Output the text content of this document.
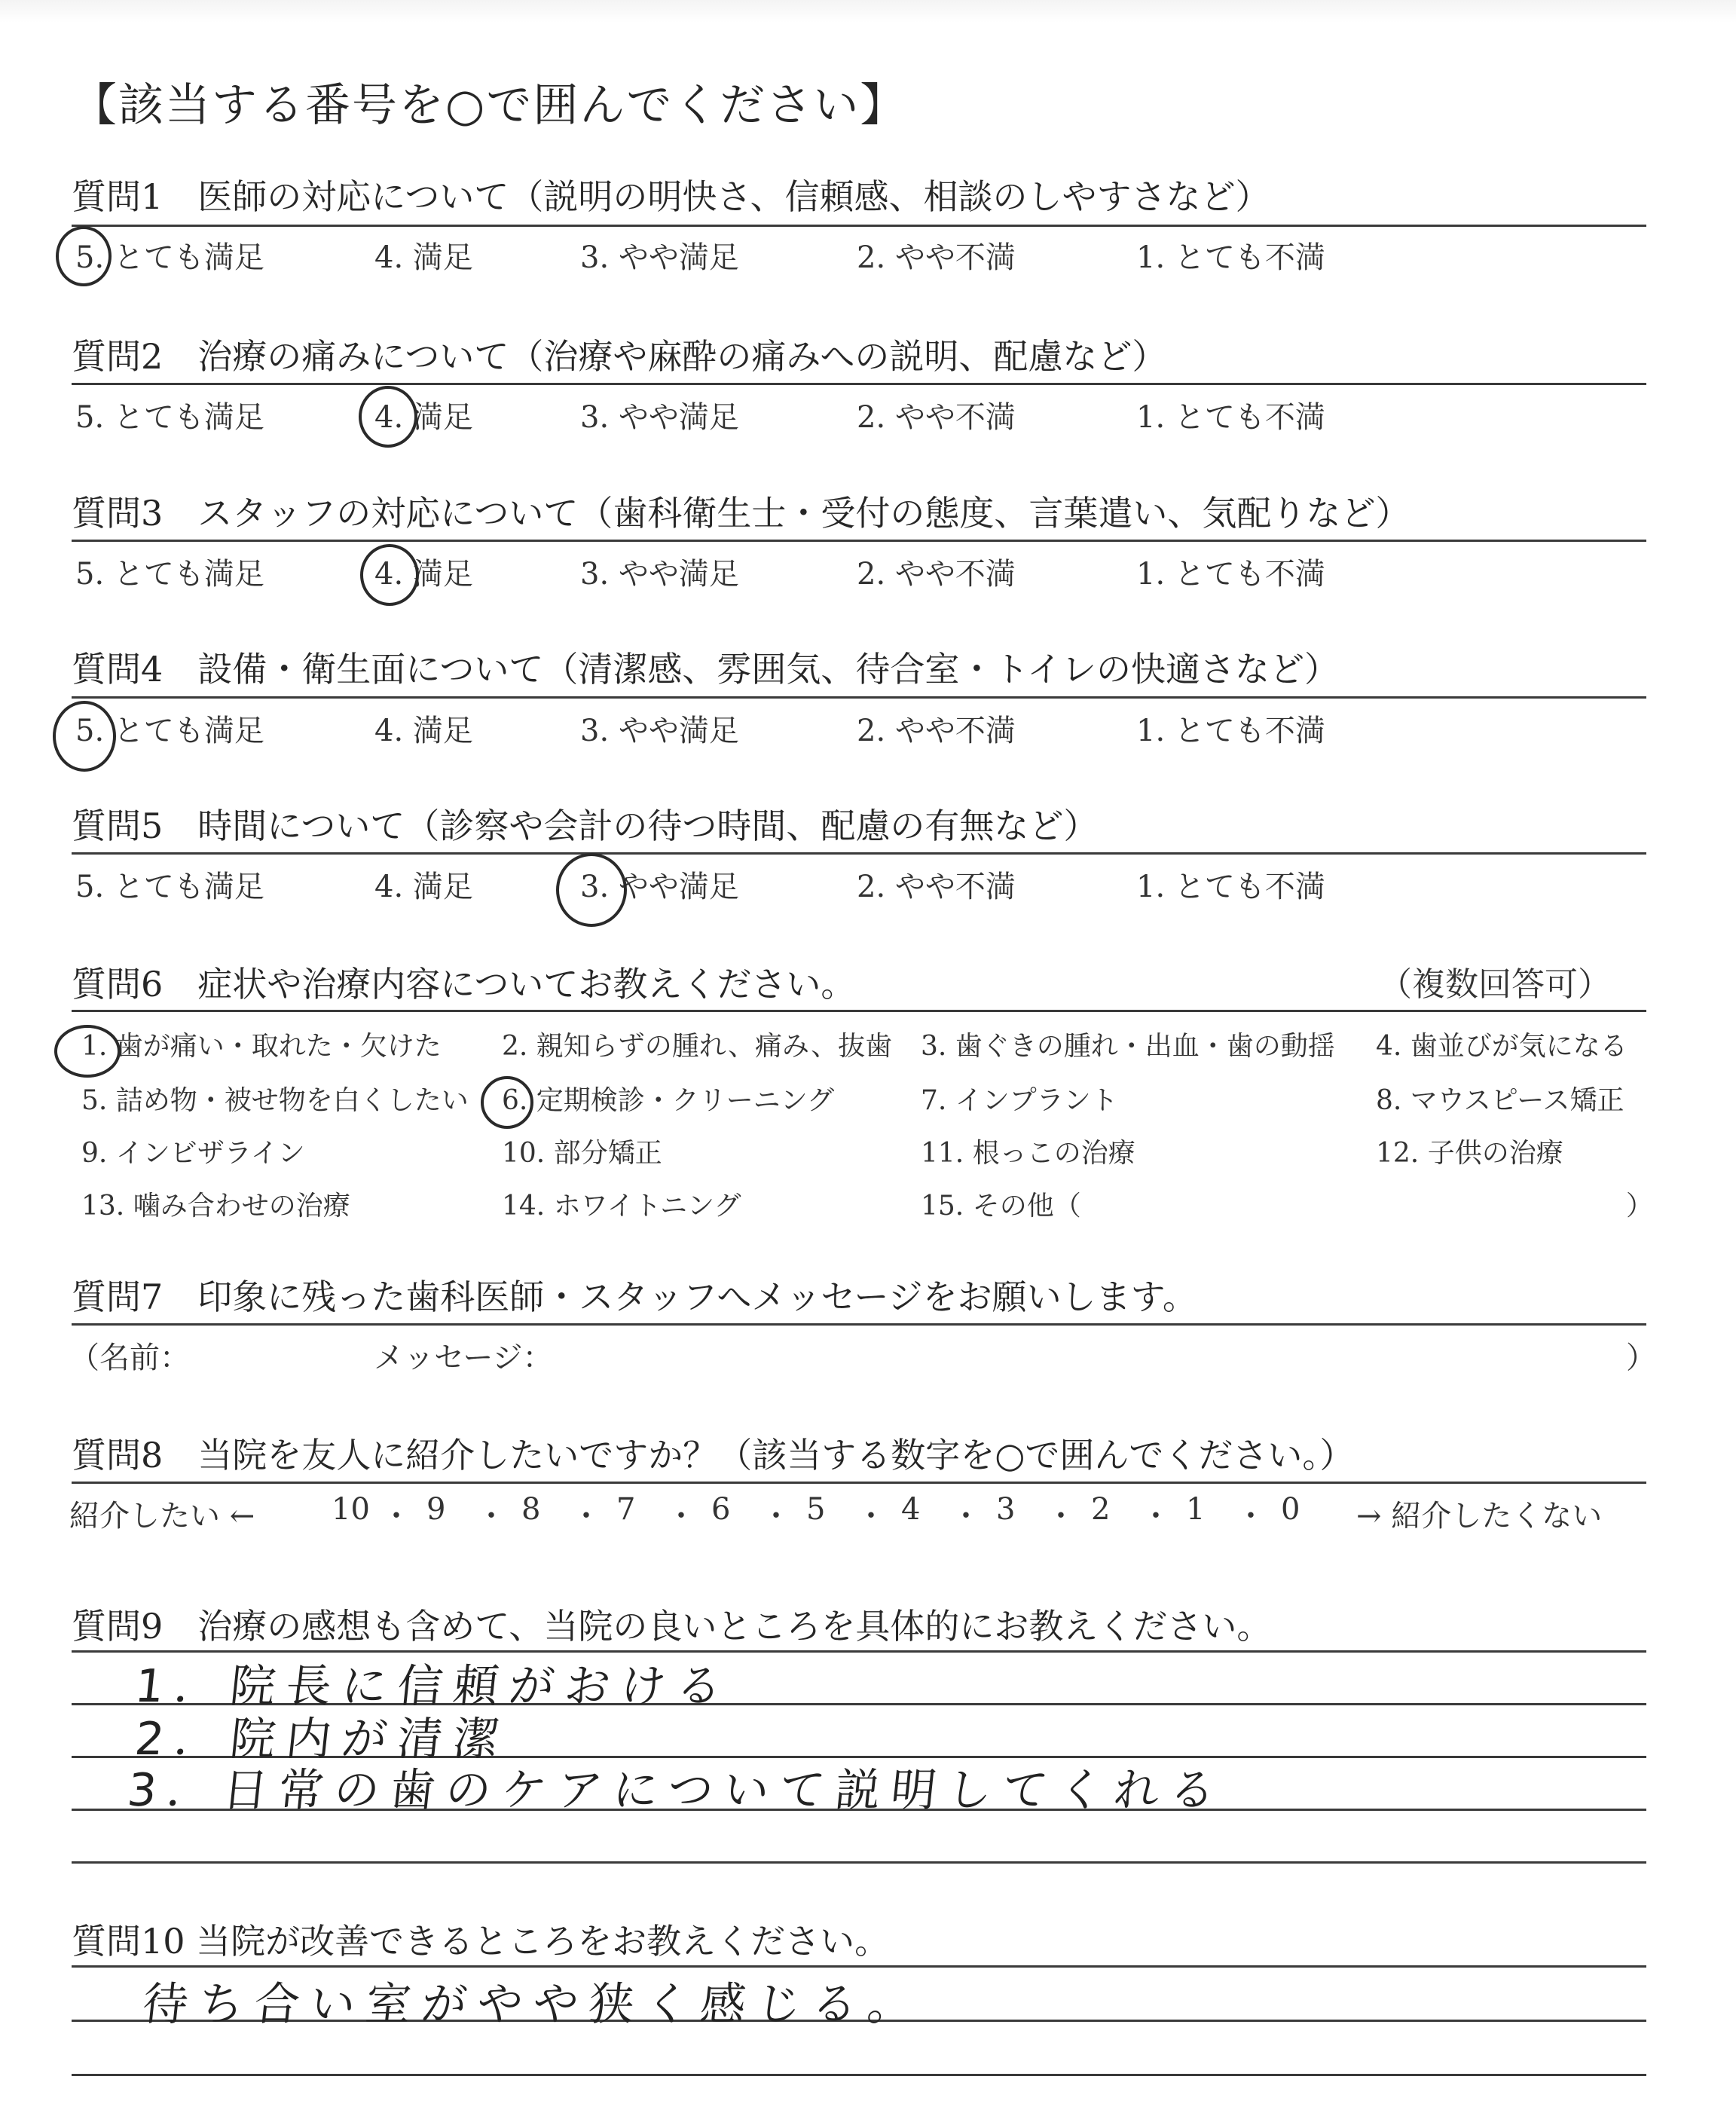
【該当する番号を○で囲んでください】
質問1　医師の対応について（説明の明快さ、信頼感、相談のしやすさなど）
5. とても満足	4. 満足	3. やや満足	2. やや不満	1. とても不満
質問2　治療の痛みについて（治療や麻酔の痛みへの説明、配慮など）
5. とても満足	4. 満足	3. やや満足	2. やや不満	1. とても不満
質問3　スタッフの対応について（歯科衛生士・受付の態度、言葉遣い、気配りなど）
5. とても満足	4. 満足	3. やや満足	2. やや不満	1. とても不満
質問4　設備・衛生面について（清潔感、雰囲気、待合室・トイレの快適さなど）
5. とても満足	4. 満足	3. やや満足	2. やや不満	1. とても不満
質問5　時間について（診察や会計の待つ時間、配慮の有無など）
5. とても満足	4. 満足	3. やや満足	2. やや不満	1. とても不満
質問6　症状や治療内容についてお教えください。	（複数回答可）
1. 歯が痛い・取れた・欠けた 2. 親知らずの腫れ、痛み、抜歯 3. 歯ぐきの腫れ・出血・歯の動揺 4. 歯並びが気になる
5. 詰め物・被せ物を白くしたい 6. 定期検診・クリーニング	7. インプラント	8. マウスピース矯正
9. インビザライン	10. 部分矯正	11. 根っこの治療	12. 子供の治療
13. 噛み合わせの治療	14. ホワイトニング	15. その他（	）
質問7　印象に残った歯科医師・スタッフへメッセージをお願いします。
（名前：	メッセージ：	）
質問8　当院を友人に紹介したいですか？（該当する数字を○で囲んでください。）
紹介したい ←	10 ・ 9 ・ 8 ・ 7 ・ 6 ・ 5 ・ 4 ・ 3 ・ 2 ・ 1 ・ 0 → 紹介したくない
質問9　治療の感想も含めて、当院の良いところを具体的にお教えください。
1．院長に信頼がおける
2．院内が清潔
3．日常の歯のケアについて説明してくれる
質問10 当院が改善できるところをお教えください。
待ち合い室がやや狭く感じる。
